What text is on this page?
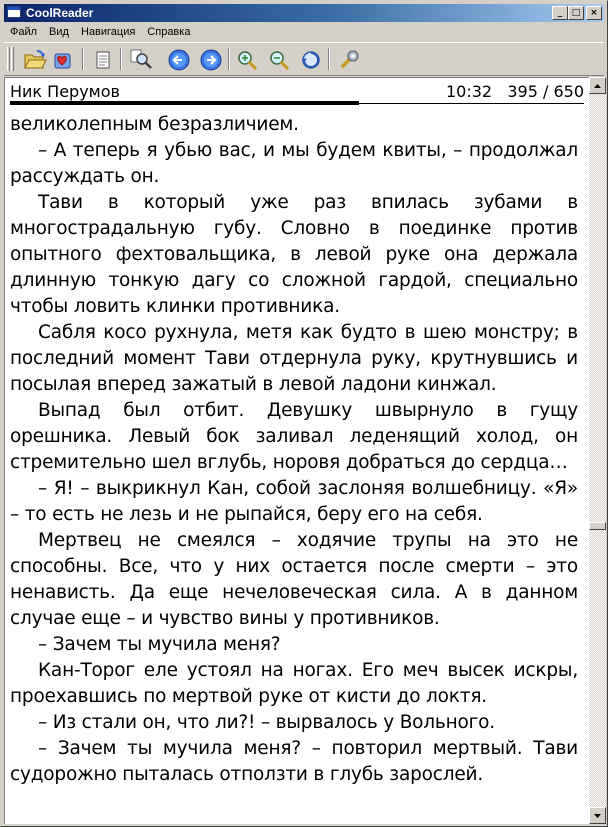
CoolReader	_	□	×
Файл	Вид	Навигация	Справка
Ник Перумов	10:32 395 / 650

великолепным безразличием.

– А теперь я убью вас, и мы будем квиты, – продолжал рассуждать он.

Тави в который уже раз впилась зубами в многострадальную губу. Словно в поединке против опытного фехтовальщика, в левой руке она держала длинную тонкую дагу со сложной гардой, специально чтобы ловить клинки противника.

Сабля косо рухнула, метя как будто в шею монстру; в последний момент Тави отдернула руку, крутнувшись и посылая вперед зажатый в левой ладони кинжал.

Выпад был отбит. Девушку швырнуло в гущу орешника. Левый бок заливал леденящий холод, он стремительно шел вглубь, норовя добраться до сердца…

– Я! – выкрикнул Кан, собой заслоняя волшебницу. «Я» – то есть не лезь и не рыпайся, беру его на себя.

Мертвец не смеялся – ходячие трупы на это не способны. Все, что у них остается после смерти – это ненависть. Да еще нечеловеческая сила. А в данном случае еще – и чувство вины у противников.

– Зачем ты мучила меня?

Кан-Торог еле устоял на ногах. Его меч высек искры, проехавшись по мертвой руке от кисти до локтя.

– Из стали он, что ли?! – вырвалось у Вольного.

– Зачем ты мучила меня? – повторил мертвый. Тави судорожно пыталась отползти в глубь зарослей.
